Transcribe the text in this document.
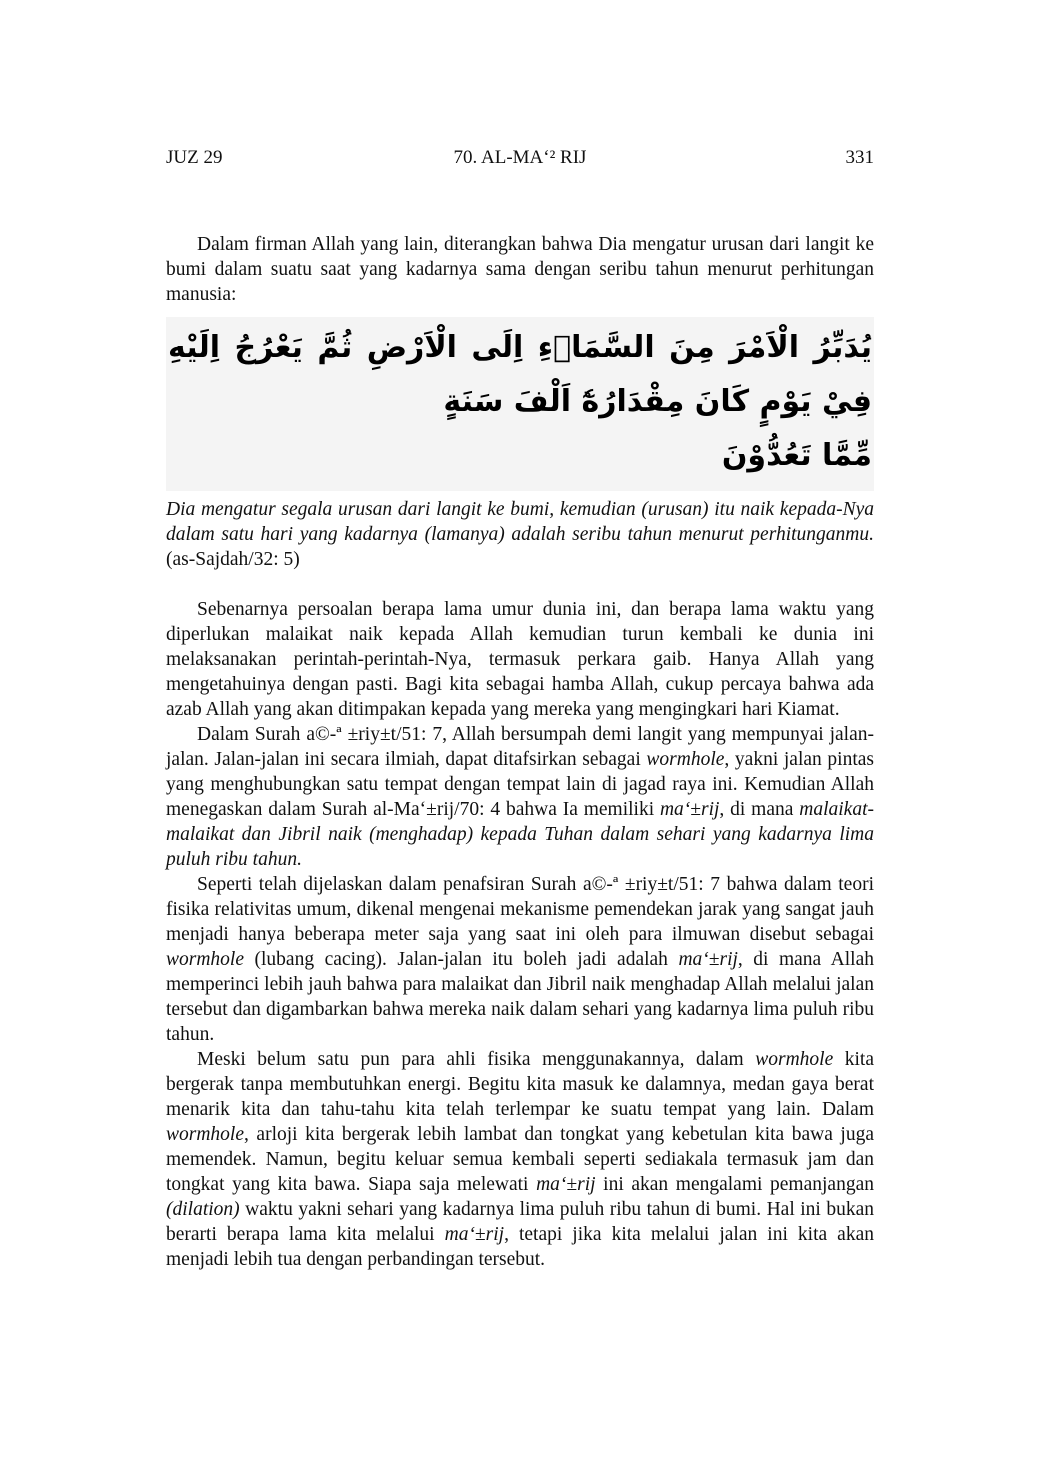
JUZ 29	70. AL-MA‘² RIJ	331

Dalam firman Allah yang lain, diterangkan bahwa Dia mengatur urusan dari langit ke bumi dalam suatu saat yang kadarnya sama dengan seribu tahun menurut perhitungan manusia:

يُدَبِّرُ الْاَمْرَ مِنَ السَّمَاۤءِ اِلَى الْاَرْضِ ثُمَّ يَعْرُجُ اِلَيْهِ فِيْ يَوْمٍ كَانَ مِقْدَارُهٗٓ اَلْفَ سَنَةٍ
مِّمَّا تَعُدُّوْنَ

Dia mengatur segala urusan dari langit ke bumi, kemudian (urusan) itu naik kepada-Nya dalam satu hari yang kadarnya (lamanya) adalah seribu tahun menurut perhitunganmu. (as-Sajdah/32: 5)

Sebenarnya persoalan berapa lama umur dunia ini, dan berapa lama waktu yang diperlukan malaikat naik kepada Allah kemudian turun kembali ke dunia ini melaksanakan perintah-perintah-Nya, termasuk perkara gaib. Hanya Allah yang mengetahuinya dengan pasti. Bagi kita sebagai hamba Allah, cukup percaya bahwa ada azab Allah yang akan ditimpakan kepada yang mereka yang mengingkari hari Kiamat.

Dalam Surah a©-ª ±riy±t/51: 7, Allah bersumpah demi langit yang mempunyai jalan-jalan. Jalan-jalan ini secara ilmiah, dapat ditafsirkan sebagai wormhole, yakni jalan pintas yang menghubungkan satu tempat dengan tempat lain di jagad raya ini. Kemudian Allah menegaskan dalam Surah al-Ma‘±rij/70: 4 bahwa Ia memiliki ma‘±rij, di mana malaikat-malaikat dan Jibril naik (menghadap) kepada Tuhan dalam sehari yang kadarnya lima puluh ribu tahun.

Seperti telah dijelaskan dalam penafsiran Surah a©-ª ±riy±t/51: 7 bahwa dalam teori fisika relativitas umum, dikenal mengenai mekanisme pemendekan jarak yang sangat jauh menjadi hanya beberapa meter saja yang saat ini oleh para ilmuwan disebut sebagai wormhole (lubang cacing). Jalan-jalan itu boleh jadi adalah ma‘±rij, di mana Allah memperinci lebih jauh bahwa para malaikat dan Jibril naik menghadap Allah melalui jalan tersebut dan digambarkan bahwa mereka naik dalam sehari yang kadarnya lima puluh ribu tahun.

Meski belum satu pun para ahli fisika menggunakannya, dalam wormhole kita bergerak tanpa membutuhkan energi. Begitu kita masuk ke dalamnya, medan gaya berat menarik kita dan tahu-tahu kita telah terlempar ke suatu tempat yang lain. Dalam wormhole, arloji kita bergerak lebih lambat dan tongkat yang kebetulan kita bawa juga memendek. Namun, begitu keluar semua kembali seperti sediakala termasuk jam dan tongkat yang kita bawa. Siapa saja melewati ma‘±rij ini akan mengalami pemanjangan (dilation) waktu yakni sehari yang kadarnya lima puluh ribu tahun di bumi. Hal ini bukan berarti berapa lama kita melalui ma‘±rij, tetapi jika kita melalui jalan ini kita akan menjadi lebih tua dengan perbandingan tersebut.
